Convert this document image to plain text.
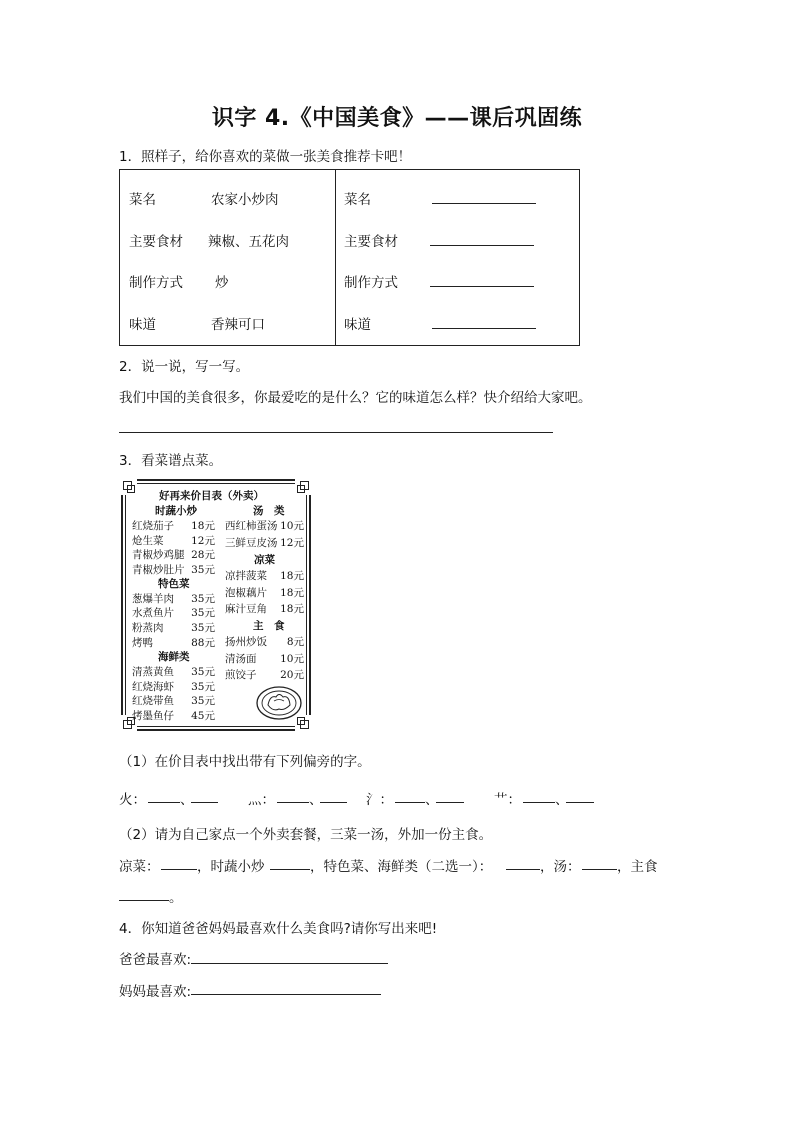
识字 4.《中国美食》——课后巩固练
1．照样子，给你喜欢的菜做一张美食推荐卡吧！
菜名	农家小炒肉
主要食材 辣椒、五花肉
制作方式 炒
味道	香辣可口
菜名
主要食材
制作方式
味道
2．说一说，写一写。
我们中国的美食很多，你最爱吃的是什么？它的味道怎么样？快介绍给大家吧。
3．看菜谱点菜。
好再来价目表（外卖）
时蔬小炒
红烧茄子	18元
炝生菜	12元
青椒炒鸡腿 28元
青椒炒肚片 35元
特色菜
葱爆羊肉	35元
水煮鱼片	35元
粉蒸肉	35元
烤鸭	88元
海鲜类
清蒸黄鱼	35元
红烧海虾	35元
红烧带鱼	35元
烤墨鱼仔	45元
汤　类
西红柿蛋汤 10元
三鲜豆皮汤 12元
凉菜
凉拌菠菜	18元
泡椒藕片	18元
麻汁豆角	18元
主　食
扬州炒饭	8元
清汤面	10元
煎饺子	20元
（1）在价目表中找出带有下列偏旁的字。
火：	、	灬：	、	氵： 、	艹：	、
（2）请为自己家点一个外卖套餐，三菜一汤，外加一份主食。
凉菜：	，时蔬小炒	，特色菜、海鲜类（二选一）：	，汤：	，主食
。
4．你知道爸爸妈妈最喜欢什么美食吗?请你写出来吧!
爸爸最喜欢:
妈妈最喜欢:
